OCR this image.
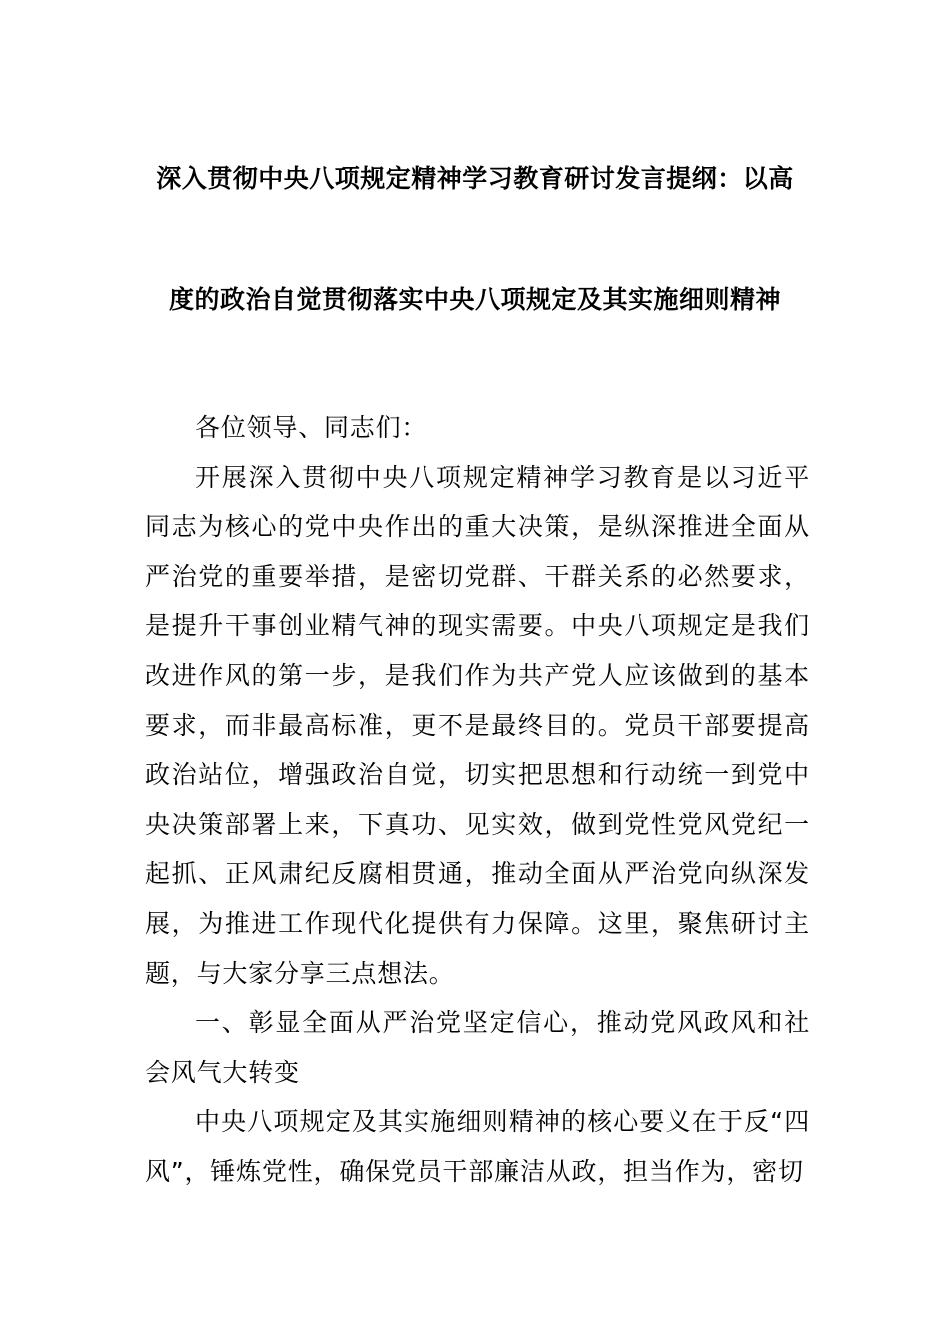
深入贯彻中央八项规定精神学习教育研讨发言提纲：以高
度的政治自觉贯彻落实中央八项规定及其实施细则精神

各位领导、同志们：

开展深入贯彻中央八项规定精神学习教育是以习近平同志为核心的党中央作出的重大决策，是纵深推进全面从严治党的重要举措，是密切党群、干群关系的必然要求，是提升干事创业精气神的现实需要。中央八项规定是我们改进作风的第一步，是我们作为共产党人应该做到的基本要求，而非最高标准，更不是最终目的。党员干部要提高政治站位，增强政治自觉，切实把思想和行动统一到党中央决策部署上来，下真功、见实效，做到党性党风党纪一起抓、正风肃纪反腐相贯通，推动全面从严治党向纵深发展，为推进工作现代化提供有力保障。这里，聚焦研讨主题，与大家分享三点想法。

一、彰显全面从严治党坚定信心，推动党风政风和社会风气大转变

中央八项规定及其实施细则精神的核心要义在于反“四风”，锤炼党性，确保党员干部廉洁从政，担当作为，密切
